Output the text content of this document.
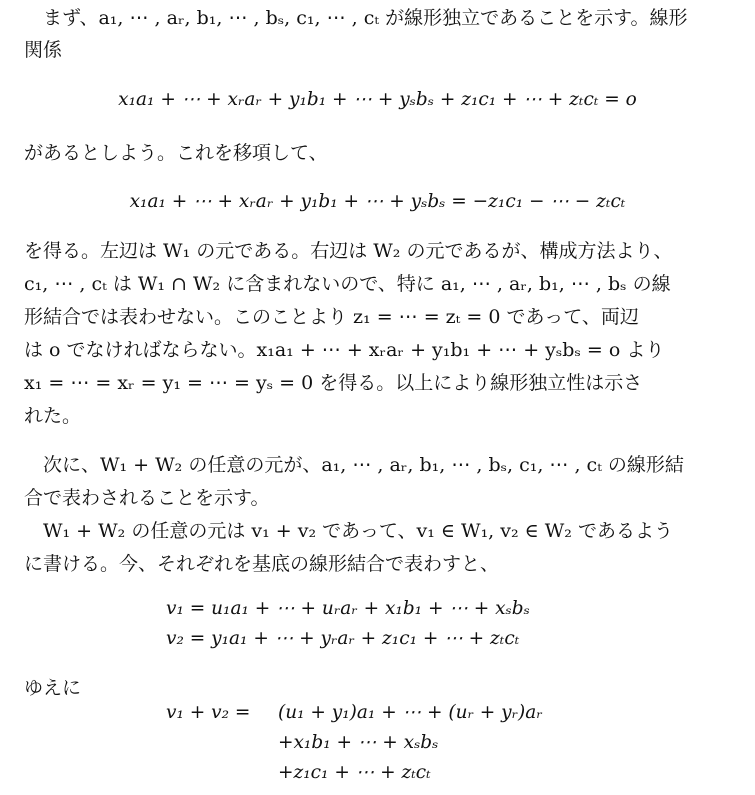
　まず、a₁, ⋯ , aᵣ, b₁, ⋯ , bₛ, c₁, ⋯ , cₜ が線形独立であることを示す。線形
関係
x₁a₁ + ⋯ + xᵣaᵣ + y₁b₁ + ⋯ + yₛbₛ + z₁c₁ + ⋯ + zₜcₜ = o
があるとしよう。これを移項して、
x₁a₁ + ⋯ + xᵣaᵣ + y₁b₁ + ⋯ + yₛbₛ = −z₁c₁ − ⋯ − zₜcₜ
を得る。左辺は W₁ の元である。右辺は W₂ の元であるが、構成方法より、
c₁, ⋯ , cₜ は W₁ ∩ W₂ に含まれないので、特に a₁, ⋯ , aᵣ, b₁, ⋯ , bₛ の線
形結合では表わせない。このことより z₁ = ⋯ = zₜ = 0 であって、両辺
は o でなければならない。x₁a₁ + ⋯ + xᵣaᵣ + y₁b₁ + ⋯ + yₛbₛ = o より
x₁ = ⋯ = xᵣ = y₁ = ⋯ = yₛ = 0 を得る。以上により線形独立性は示さ
れた。
　次に、W₁ + W₂ の任意の元が、a₁, ⋯ , aᵣ, b₁, ⋯ , bₛ, c₁, ⋯ , cₜ の線形結
合で表わされることを示す。
　W₁ + W₂ の任意の元は v₁ + v₂ であって、v₁ ∈ W₁, v₂ ∈ W₂ であるよう
に書ける。今、それぞれを基底の線形結合で表わすと、
v₁ = u₁a₁ + ⋯ + uᵣaᵣ + x₁b₁ + ⋯ + xₛbₛ
v₂ = y₁a₁ + ⋯ + yᵣaᵣ + z₁c₁ + ⋯ + zₜcₜ
ゆえに
v₁ + v₂ = (u₁ + y₁)a₁ + ⋯ + (uᵣ + yᵣ)aᵣ
+x₁b₁ + ⋯ + xₛbₛ
+z₁c₁ + ⋯ + zₜcₜ
